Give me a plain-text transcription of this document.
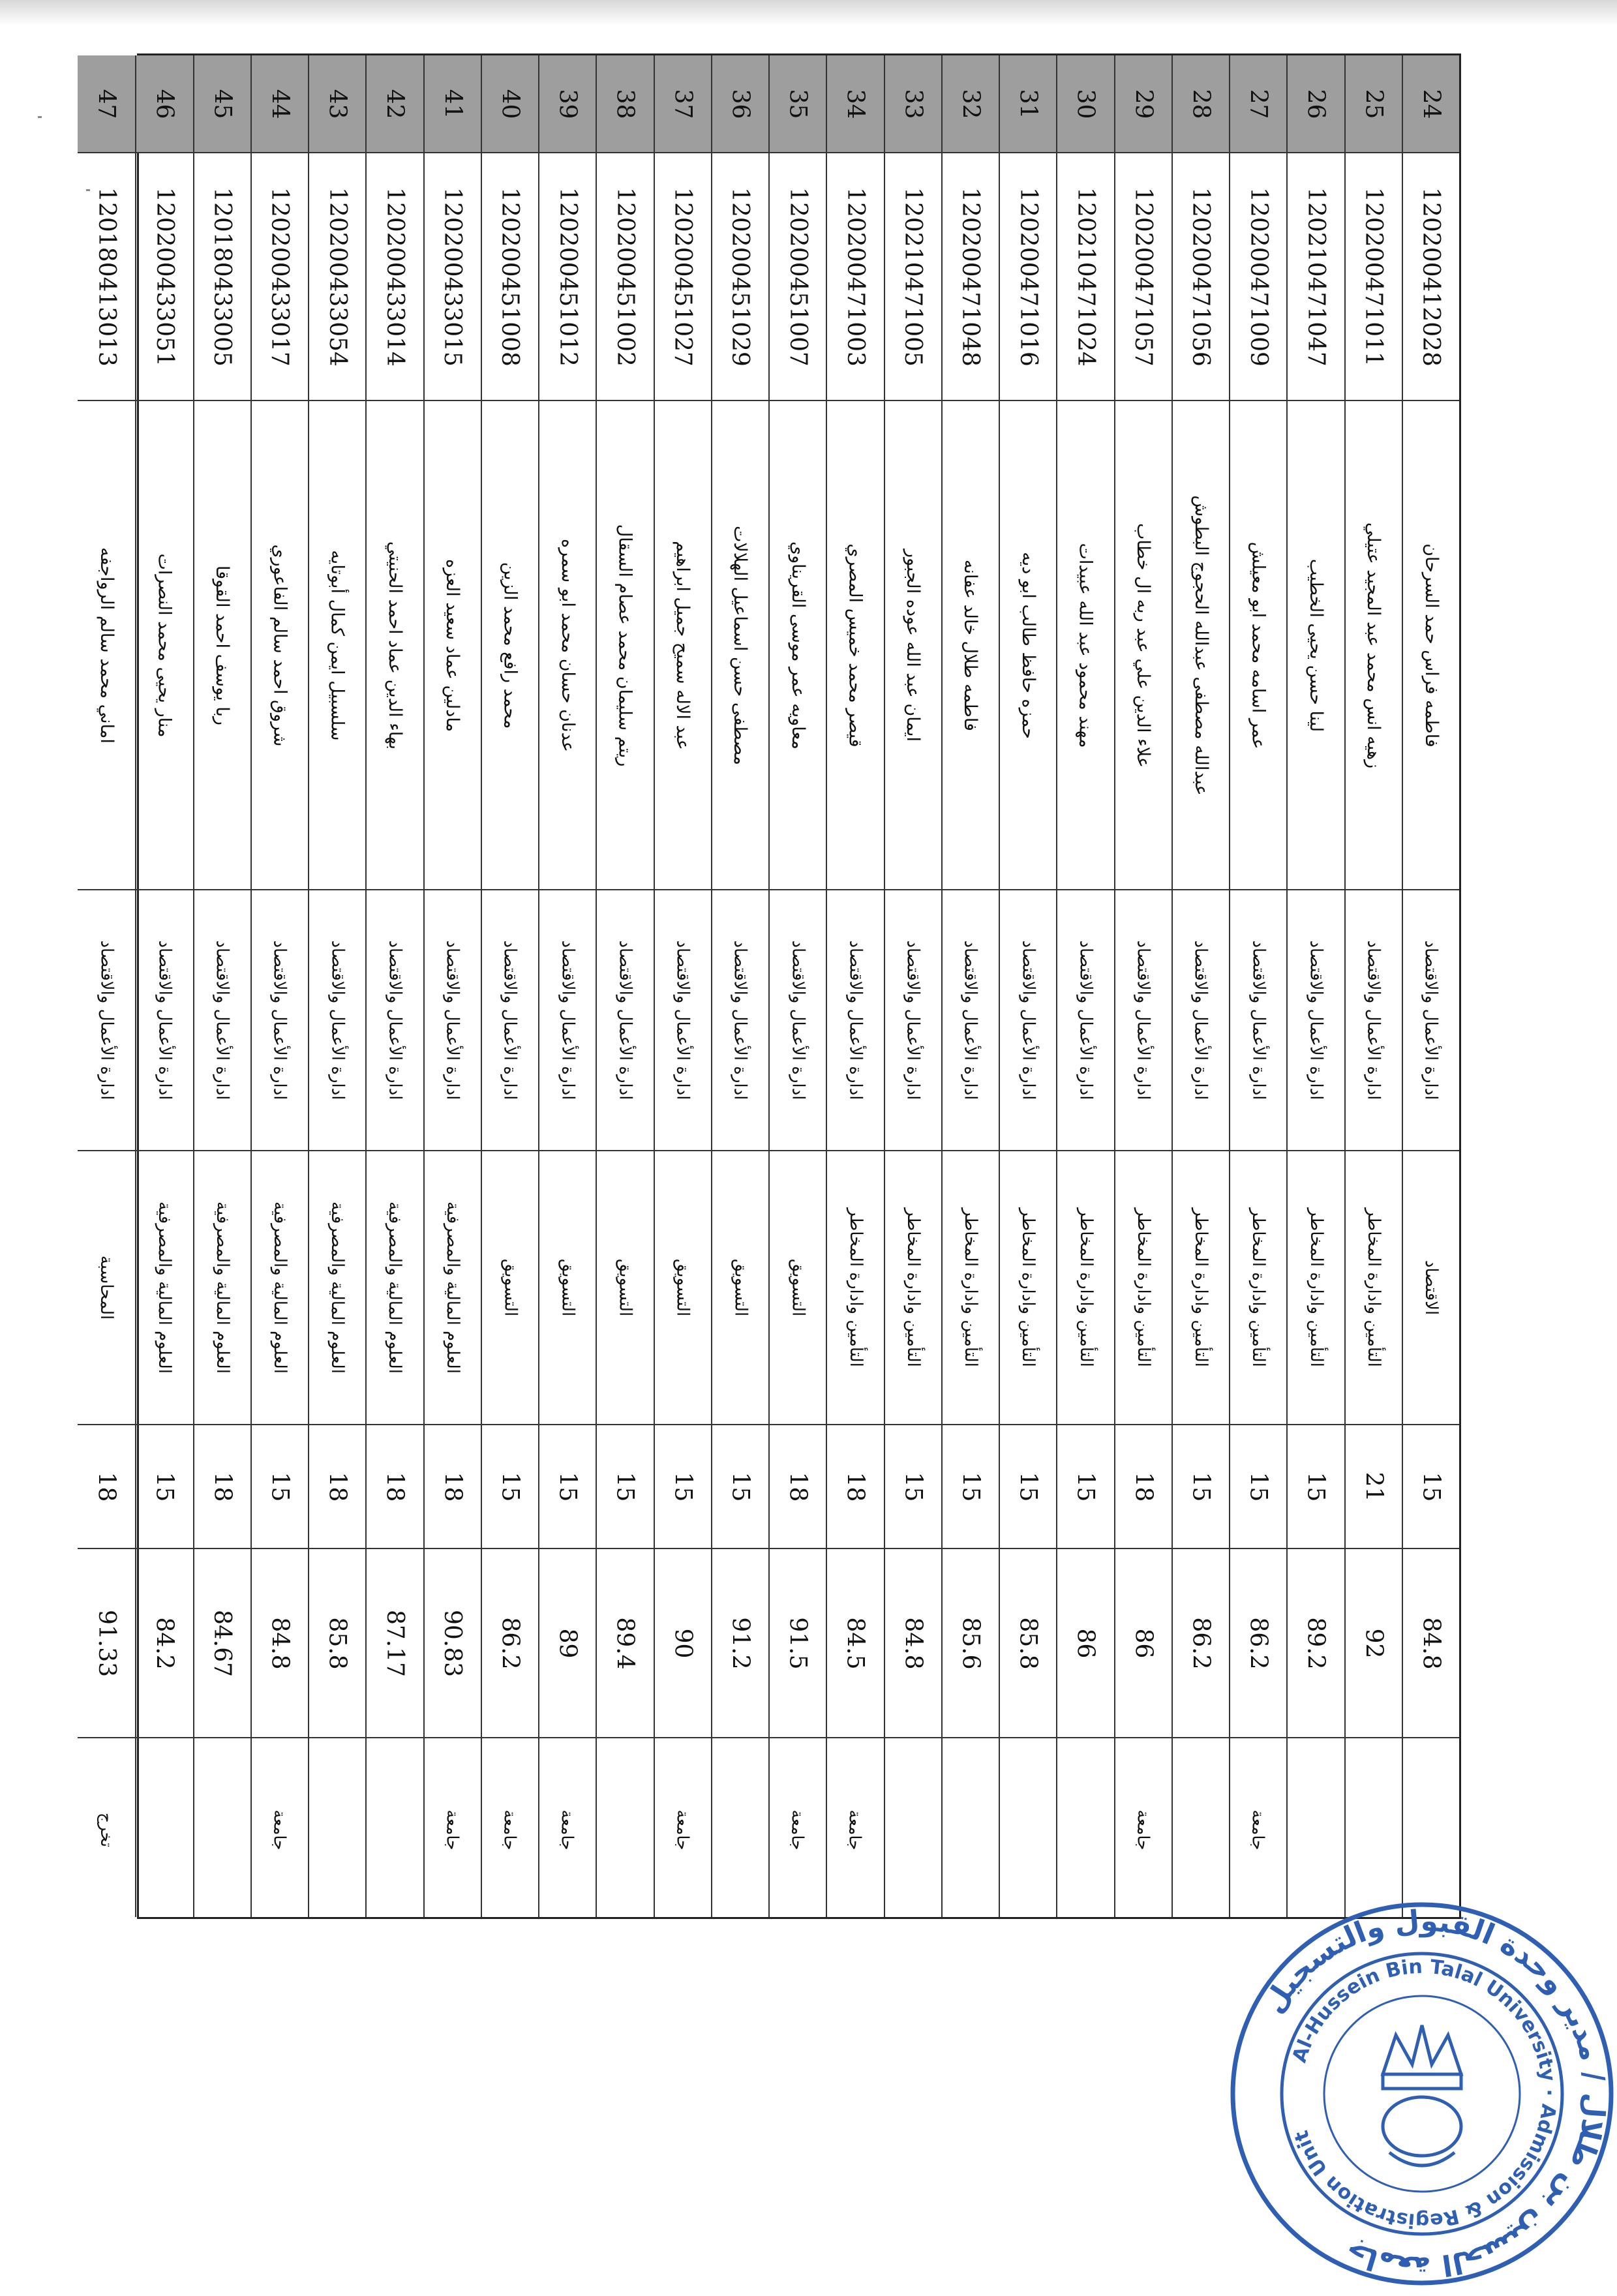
24
120200412028
فاطمه فراس حمد السرحان
ادارة الأعمال والاقتصاد
الاقتصاد
15
84.8
25
120200471011
زهيه انس محمد عبد المجيد عتيلي
ادارة الأعمال والاقتصاد
التأمين وادارة المخاطر
21
92
26
120210471047
لينا حسن يحيى الخطيب
ادارة الأعمال والاقتصاد
التأمين وادارة المخاطر
15
89.2
27
120200471009
عمر اسامه محمد ابو معيلش
ادارة الأعمال والاقتصاد
التأمين وادارة المخاطر
15
86.2
جامعة
28
120200471056
عبدالله مصطفى عبدالله الحجوج البطوش
ادارة الأعمال والاقتصاد
التأمين وادارة المخاطر
15
86.2
29
120200471057
علاء الدين علي عبد ربه ال خطاب
ادارة الأعمال والاقتصاد
التأمين وادارة المخاطر
18
86
جامعة
30
120210471024
مهند محمود عبد الله عبيدات
ادارة الأعمال والاقتصاد
التأمين وادارة المخاطر
15
86
31
120200471016
حمزه حافظ طالب ابو ديه
ادارة الأعمال والاقتصاد
التأمين وادارة المخاطر
15
85.8
32
120200471048
فاطمه طلال خالد عفانه
ادارة الأعمال والاقتصاد
التأمين وادارة المخاطر
15
85.6
33
120210471005
ايمان عبد الله عوده الجبور
ادارة الأعمال والاقتصاد
التأمين وادارة المخاطر
15
84.8
34
120200471003
قيصر محمد خميس المصري
ادارة الأعمال والاقتصاد
التأمين وادارة المخاطر
18
84.5
جامعة
35
120200451007
معاويه عمر موسى القريناوي
ادارة الأعمال والاقتصاد
التسويق
18
91.5
جامعة
36
120200451029
مصطفى حسن اسماعيل الهلالات
ادارة الأعمال والاقتصاد
التسويق
15
91.2
37
120200451027
عبد الاله سميح جميل ابراهيم
ادارة الأعمال والاقتصاد
التسويق
15
90
جامعة
38
120200451002
ريتم سليمان محمد عصام السقال
ادارة الأعمال والاقتصاد
التسويق
15
89.4
39
120200451012
عدنان حسان محمد ابو سمره
ادارة الأعمال والاقتصاد
التسويق
15
89
جامعة
40
120200451008
محمد رافع محمد الزين
ادارة الأعمال والاقتصاد
التسويق
15
86.2
جامعة
41
120200433015
مادلين عماد سعيد العزه
ادارة الأعمال والاقتصاد
العلوم المالية والمصرفية
18
90.83
جامعة
42
120200433014
بهاء الدين عماد احمد الحنيتي
ادارة الأعمال والاقتصاد
العلوم المالية والمصرفية
18
87.17
43
120200433054
سلسبيل ايمن كمال أبوتايه
ادارة الأعمال والاقتصاد
العلوم المالية والمصرفية
18
85.8
44
120200433017
شروق احمد سالم الفاعوري
ادارة الأعمال والاقتصاد
العلوم المالية والمصرفية
15
84.8
جامعة
45
120180433005
ربا يوسف احمد القوقا
ادارة الأعمال والاقتصاد
العلوم المالية والمصرفية
18
84.67
46
120200433051
منار يحيى محمد النصرات
ادارة الأعمال والاقتصاد
العلوم المالية والمصرفية
15
84.2
47
120180413013
اماني محمد سالم الرواجفه
ادارة الأعمال والاقتصاد
المحاسبة
18
91.33
تخرج
جامعة الحسين بن طلال / مدير وحدة القبول والتسجيل
Al-Hussein Bin Talal University · Admission & Registration Unit
